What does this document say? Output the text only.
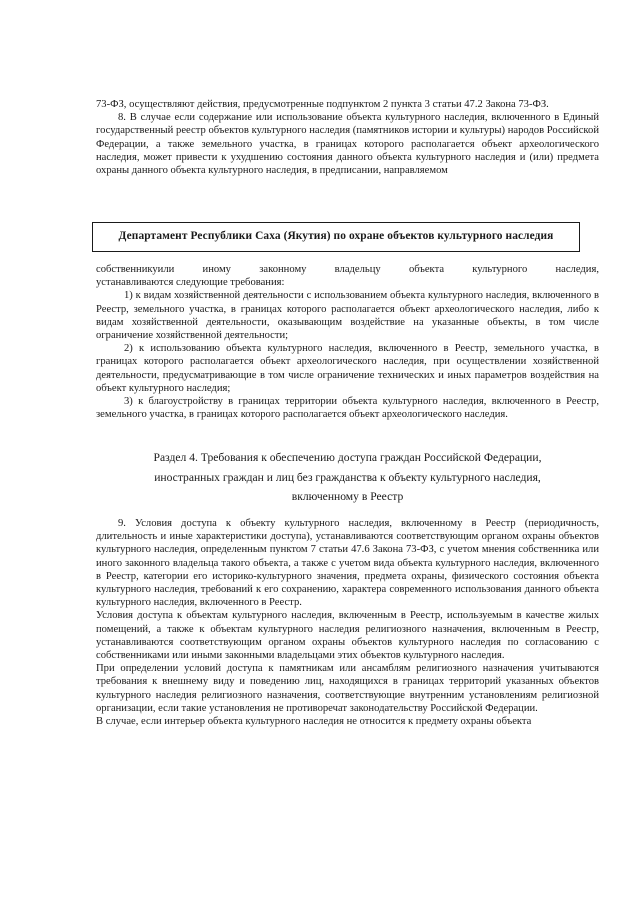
73-ФЗ, осуществляют действия, предусмотренные подпунктом 2 пункта 3 статьи 47.2 Закона 73-ФЗ.

8. В случае если содержание или использование объекта культурного наследия, включенного в Единый государственный реестр объектов культурного наследия (памятников истории и культуры) народов Российской Федерации, а также земельного участка, в границах которого располагается объект археологического наследия, может привести к ухудшению состояния данного объекта культурного наследия и (или) предмета охраны данного объекта культурного наследия, в предписании, направляемом

Департамент Республики Саха (Якутия) по охране объектов культурного наследия

собственникуили иному законному владельцу объекта культурного наследия,

устанавливаются следующие требования:

1) к видам хозяйственной деятельности с использованием объекта культурного наследия, включенного в Реестр, земельного участка, в границах которого располагается объект археологического наследия, либо к видам хозяйственной деятельности, оказывающим воздействие на указанные объекты, в том числе ограничение хозяйственной деятельности;

2) к использованию объекта культурного наследия, включенного в Реестр, земельного участка, в границах которого располагается объект археологического наследия, при осуществлении хозяйственной деятельности, предусматривающие в том числе ограничение технических и иных параметров воздействия на объект культурного наследия;

3) к благоустройству в границах территории объекта культурного наследия, включенного в Реестр, земельного участка, в границах которого располагается объект археологического наследия.

Раздел 4. Требования к обеспечению доступа граждан Российской Федерации,
иностранных граждан и лиц без гражданства к объекту культурного наследия,
включенному в Реестр

9. Условия доступа к объекту культурного наследия, включенному в Реестр (периодичность, длительность и иные характеристики доступа), устанавливаются соответствующим органом охраны объектов культурного наследия, определенным пунктом 7 статьи 47.6 Закона 73-ФЗ, с учетом мнения собственника или иного законного владельца такого объекта, а также с учетом вида объекта культурного наследия, включенного в Реестр, категории его историко-культурного значения, предмета охраны, физического состояния объекта культурного наследия, требований к его сохранению, характера современного использования данного объекта культурного наследия, включенного в Реестр.

Условия доступа к объектам культурного наследия, включенным в Реестр, используемым в качестве жилых помещений, а также к объектам культурного наследия религиозного назначения, включенным в Реестр, устанавливаются соответствующим органом охраны объектов культурного наследия по согласованию с собственниками или иными законными владельцами этих объектов культурного наследия.

При определении условий доступа к памятникам или ансамблям религиозного назначения учитываются требования к внешнему виду и поведению лиц, находящихся в границах территорий указанных объектов культурного наследия религиозного назначения, соответствующие внутренним установлениям религиозной организации, если такие установления не противоречат законодательству Российской Федерации.

В случае, если интерьер объекта культурного наследия не относится к предмету охраны объекта
